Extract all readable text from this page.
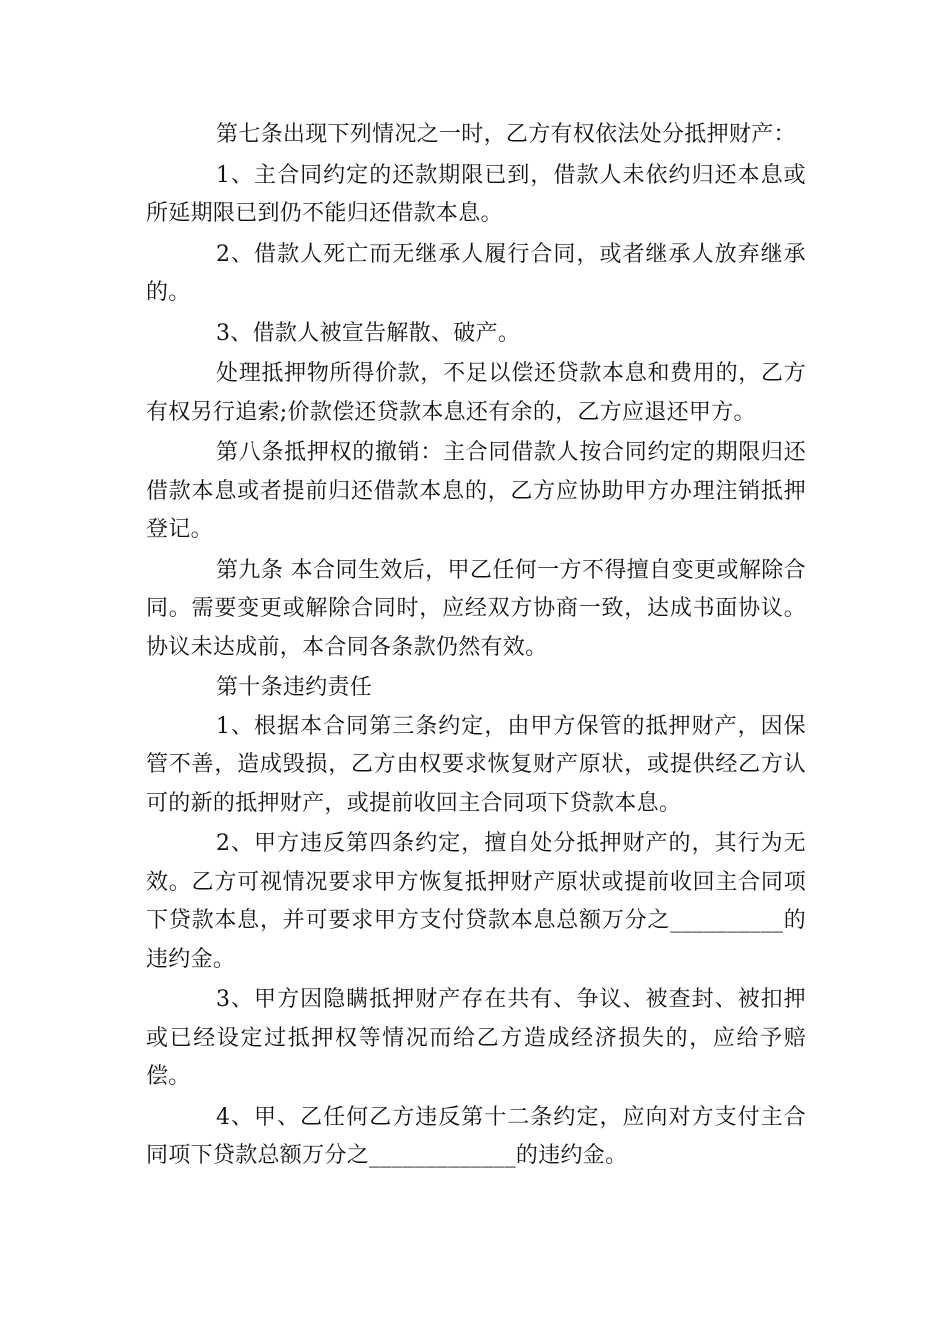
第七条出现下列情况之一时，乙方有权依法处分抵押财产：

1、主合同约定的还款期限已到，借款人未依约归还本息或所延期限已到仍不能归还借款本息。

2、借款人死亡而无继承人履行合同，或者继承人放弃继承的。

3、借款人被宣告解散、破产。

处理抵押物所得价款，不足以偿还贷款本息和费用的，乙方有权另行追索;价款偿还贷款本息还有余的，乙方应退还甲方。

第八条抵押权的撤销：主合同借款人按合同约定的期限归还借款本息或者提前归还借款本息的，乙方应协助甲方办理注销抵押登记。

第九条 本合同生效后，甲乙任何一方不得擅自变更或解除合同。需要变更或解除合同时，应经双方协商一致，达成书面协议。协议未达成前，本合同各条款仍然有效。

第十条违约责任

1、根据本合同第三条约定，由甲方保管的抵押财产，因保管不善，造成毁损，乙方由权要求恢复财产原状，或提供经乙方认可的新的抵押财产，或提前收回主合同项下贷款本息。

2、甲方违反第四条约定，擅自处分抵押财产的，其行为无效。乙方可视情况要求甲方恢复抵押财产原状或提前收回主合同项下贷款本息，并可要求甲方支付贷款本息总额万分之__________的违约金。

3、甲方因隐瞒抵押财产存在共有、争议、被查封、被扣押或已经设定过抵押权等情况而给乙方造成经济损失的，应给予赔偿。

4、甲、乙任何乙方违反第十二条约定，应向对方支付主合同项下贷款总额万分之_____________的违约金。
